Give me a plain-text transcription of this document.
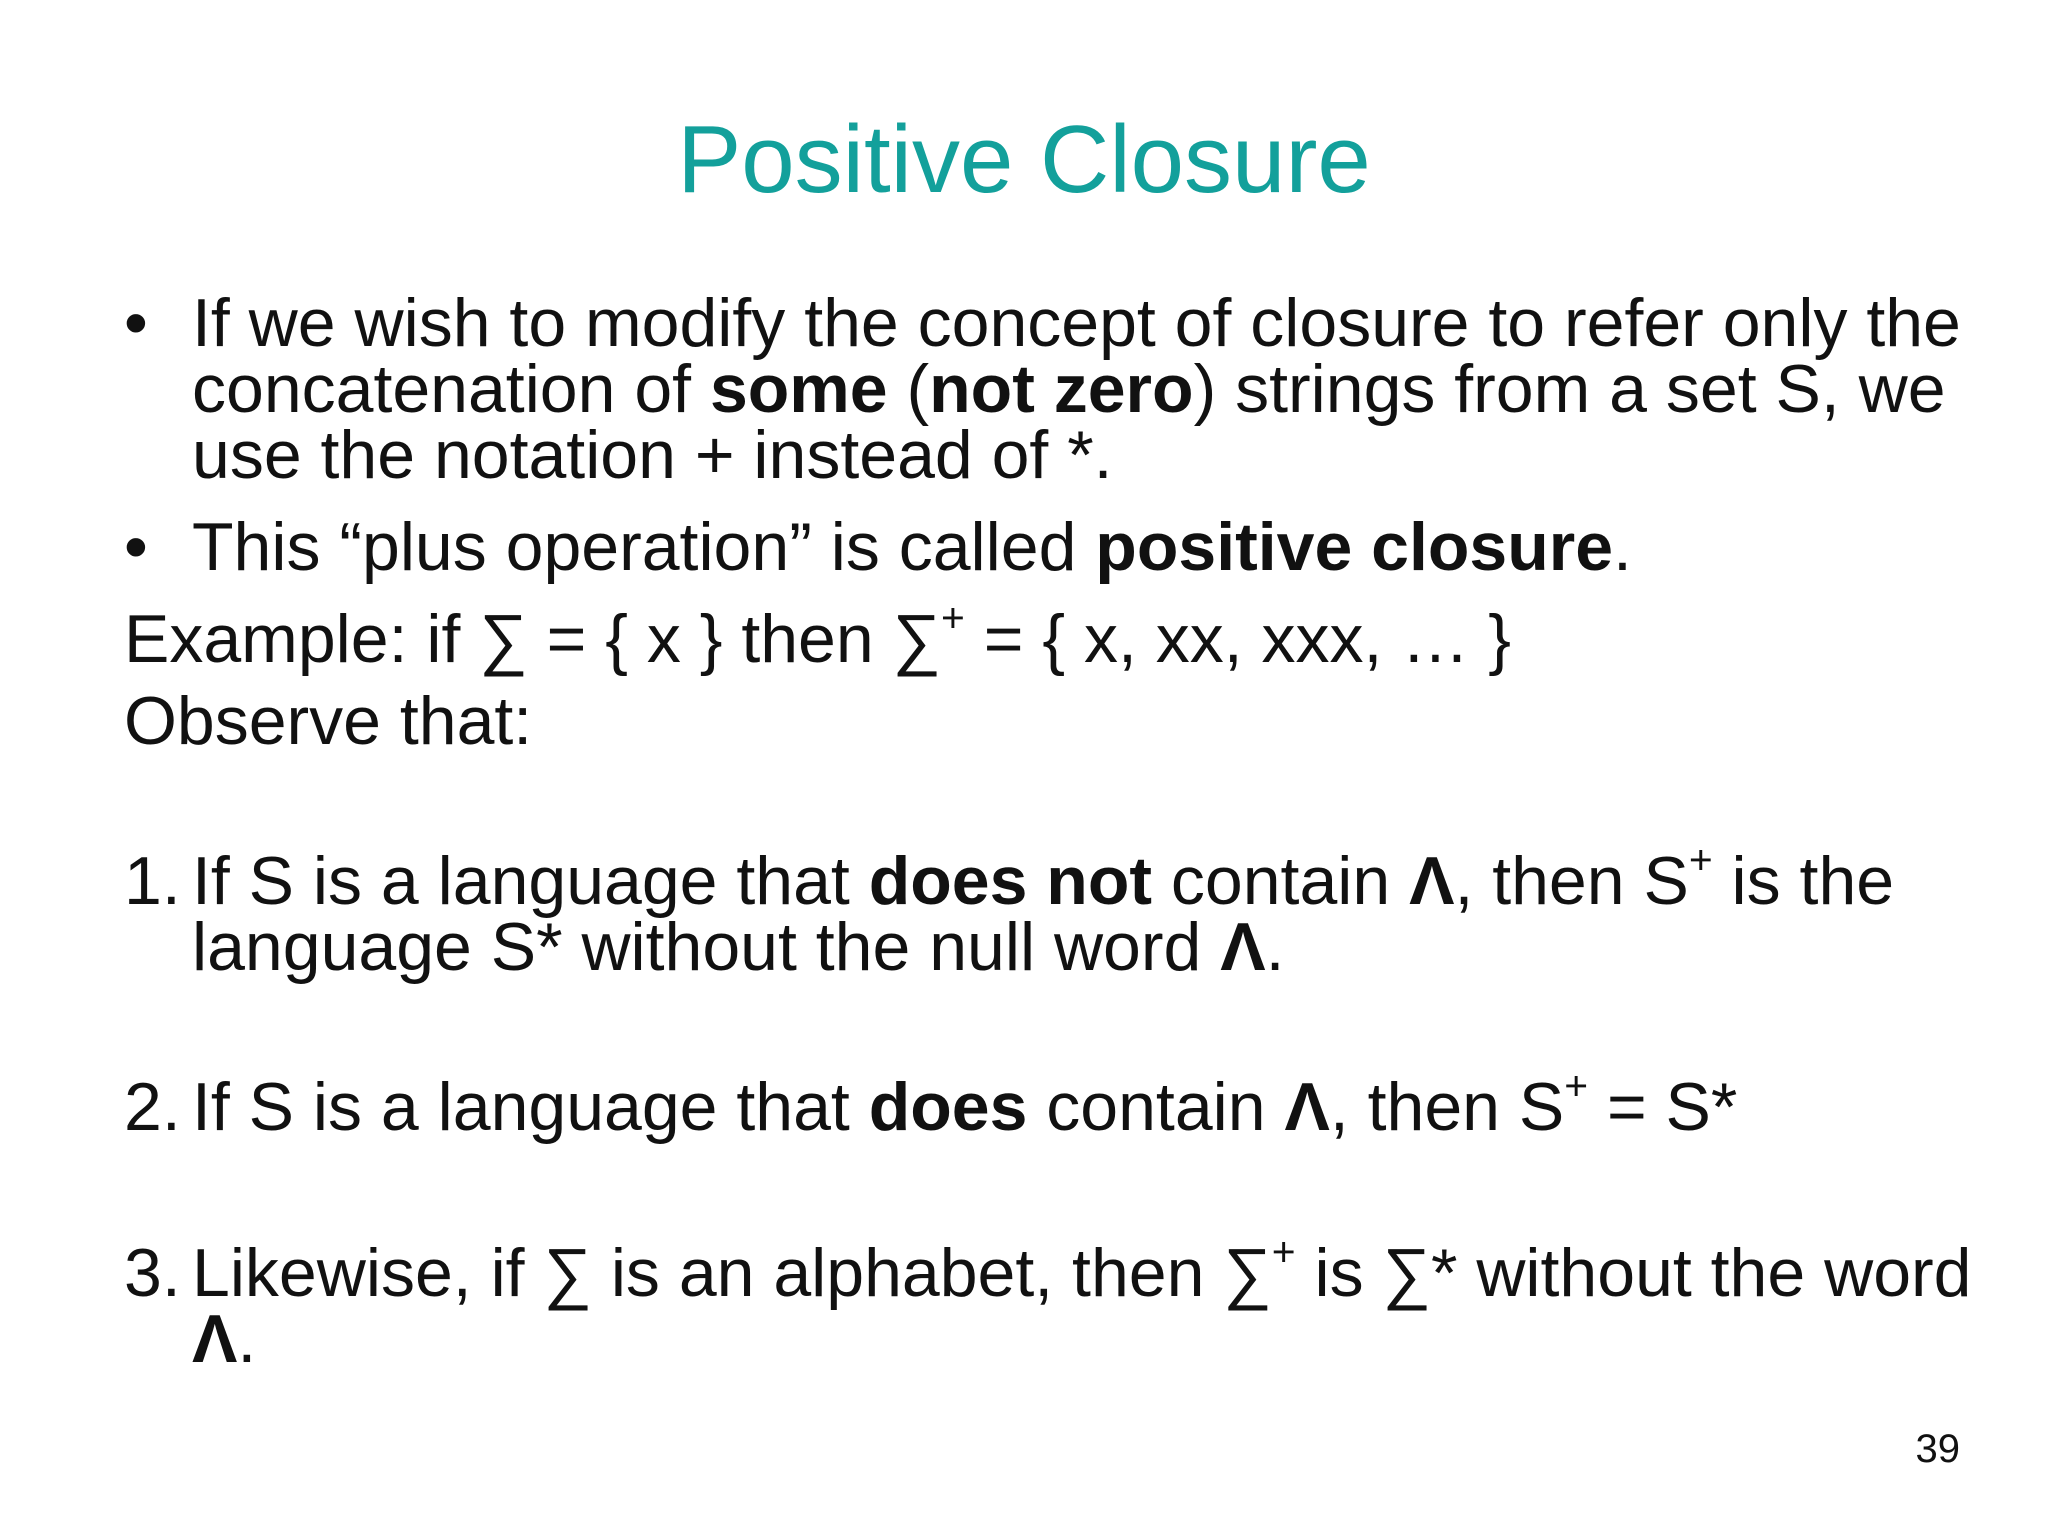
Positive Closure
• If we wish to modify the concept of closure to refer only the concatenation of some (not zero) strings from a set S, we use the notation + instead of *.
• This “plus operation” is called positive closure.
Example: if ∑ = { x } then ∑+ = { x, xx, xxx, … }
Observe that:
1. If S is a language that does not contain Λ, then S+ is the language S* without the null word Λ.
2. If S is a language that does contain Λ, then S+ = S*
3. Likewise, if ∑ is an alphabet, then ∑+ is ∑* without the word Λ.
39
